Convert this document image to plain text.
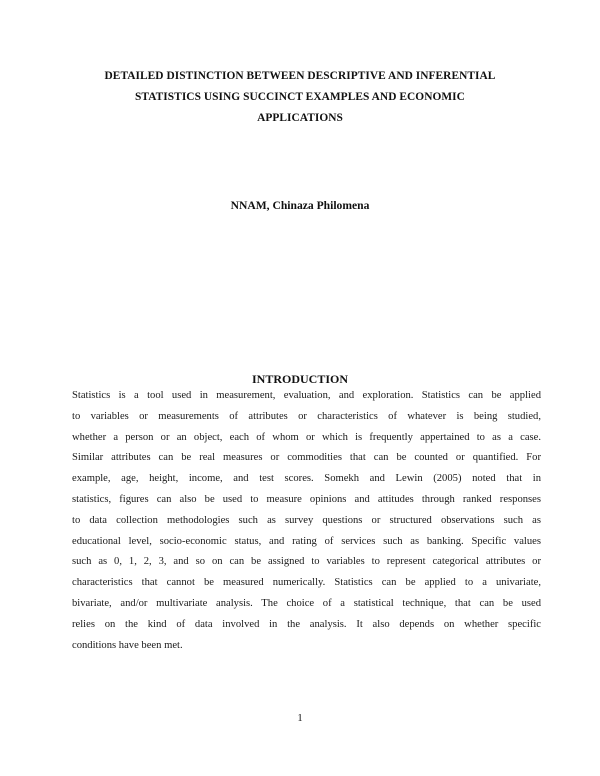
DETAILED DISTINCTION BETWEEN DESCRIPTIVE AND INFERENTIAL
STATISTICS USING SUCCINCT EXAMPLES AND ECONOMIC
APPLICATIONS
NNAM, Chinaza Philomena
INTRODUCTION
Statistics is a tool used in measurement, evaluation, and exploration. Statistics can be applied
to variables or measurements of attributes or characteristics of whatever is being studied,
whether a person or an object, each of whom or which is frequently appertained to as a case.
Similar attributes can be real measures or commodities that can be counted or quantified. For
example, age, height, income, and test scores. Somekh and Lewin (2005) noted that in
statistics, figures can also be used to measure opinions and attitudes through ranked responses
to data collection methodologies such as survey questions or structured observations such as
educational level, socio-economic status, and rating of services such as banking. Specific values
such as 0, 1, 2, 3, and so on can be assigned to variables to represent categorical attributes or
characteristics that cannot be measured numerically. Statistics can be applied to a univariate,
bivariate, and/or multivariate analysis. The choice of a statistical technique, that can be used
relies on the kind of data involved in the analysis. It also depends on whether specific
conditions have been met.
1
